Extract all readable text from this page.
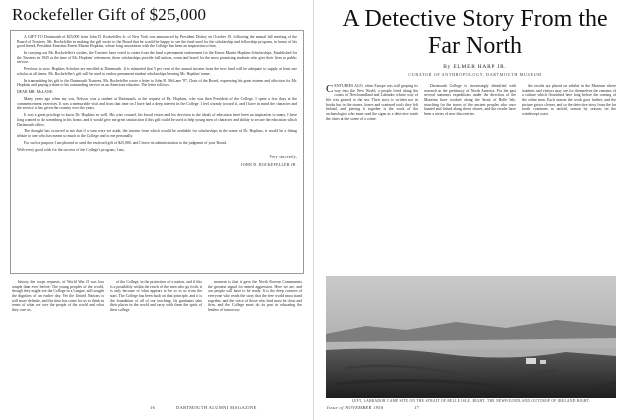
Rockefeller Gift of $25,000

A GIFT TO Dartmouth of $25,000 from John D. Rockefeller Jr. of New York was announced by President Dickey on October 19, following the annual fall meeting of the Board of Trustees. Mr. Rockefeller in making the gift wrote to the Board that he would be happy to see the fund used for the scholarship and fellowship program, in honor of his good friend, President Emeritus Ernest Martin Hopkins, whose long association with the College has been an inspiration to him.

In carrying out Mr. Rockefeller's wishes, the Trustees have voted to create from the fund a permanent endowment for the Ernest Martin Hopkins Scholarships. Established for the Trustees in 1945 at the time of Mr. Hopkins' retirement, these scholarships provide full tuition, room and board for the most promising students who give their lives to public service.

Previous to now, Hopkins Scholars are enrolled at Dartmouth. It is estimated that 5 per cent of the annual income from the new fund will be adequate to supply at least one scholar at all times. Mr. Rockefeller's gift will be used to endow permanent student scholarships bearing Mr. Hopkins' name.

In transmitting his gift to the Dartmouth Trustees, Mr. Rockefeller wrote a letter to John R. McLane '07, Chair of the Board, expressing his great esteem and affection for Mr. Hopkins and paying tribute to his outstanding service as an American educator. The letter follows:

DEAR MR. McLANE:

Many years ago when my son, Nelson, was a student at Dartmouth, at the request of Dr. Hopkins, who was then President of the College, I spent a few days at the commencement exercises. It was a memorable visit and from that time on I have had a deep interest in the College. I feel warmly toward it, and I have in mind the character and the service it has given the country over the years.

It was a great privilege to know Dr. Hopkins so well. His wise counsel, his broad vision and his devotion to the ideals of education have been an inspiration to many. I have long wanted to do something in his honor, and it would give me great satisfaction if this gift could be used to help young men of character and ability to secure the education which Dartmouth offers.

The thought has occurred to me that if a sum were set aside, the income from which would be available for scholarships in the name of Dr. Hopkins, it would be a fitting tribute to one who has meant so much to the College and to me personally.

For such a purpose I am pleased to send the enclosed gift of $25,000, and I leave its administration to the judgment of your Board.

With every good wish for the success of the College's program, I am,

Very sincerely,

JOHN D. ROCKEFELLER JR.

history the corps requests, of World War II was less simple than ever before. The young peoples of the world, though they might see the College in a League, still sought the dignities of an earlier day. Yet the United Nations is still more definite, and the time has come for us to think in terms of what we owe the people of the world and what they owe us.

of the College, in the protection of a nation, and if this is a possibility within the reach of the men who go forth, it is only because of what appears to be so to us from the start. The College has been built on that principle, and it is the foundation of all of our teaching. Its graduates take their places in the world and carry with them the spirit of their college.

moment is that it gave the North Korean Communists the greatest signal for armed aggression. Here we are, and our people will have to be ready. It is the deep concern of everyone who reads the story that the free world must stand together, and the voice of those who lead must be clear and firm, and the College must do its part in educating the leaders of tomorrow.

16	DARTMOUTH ALUMNI MAGAZINE
A Detective Story From the Far North
By ELMER HARP JR.
CURATOR OF ANTHROPOLOGY, DARTMOUTH MUSEUM

CENTURIES AGO, when Europe was still groping its way into the New World, a people lived along the coasts of Newfoundland and Labrador whose way of life was geared to the sea. Their story is written not in books but in the stones, bones and scattered tools they left behind, and piecing it together is the work of the archaeologist who must read the signs as a detective reads the clues at the scene of a crime.

Dartmouth College is increasingly identified with research in the prehistory of North America. For the past several summers expeditions under the direction of the Museum have worked along the Strait of Belle Isle, searching for the traces of the ancient peoples who once hunted and fished along these shores, and the results have been a series of new discoveries.

the results are placed on exhibit in the Museum where students and visitors may see for themselves the remains of a culture which flourished here long before the coming of the white man. Each season the work goes further, and the picture grows clearer, and so the detective story from the far north continues to unfold, season by season, on the windswept coast.

LEFT, LABRADOR CAMP SITE ON THE STRAIT OF BELLE ISLE. RIGHT, THE NEWFOUNDLAND OUTCROP OF IRELAND BIGHT.
Issue of NOVEMBER 1950	17
